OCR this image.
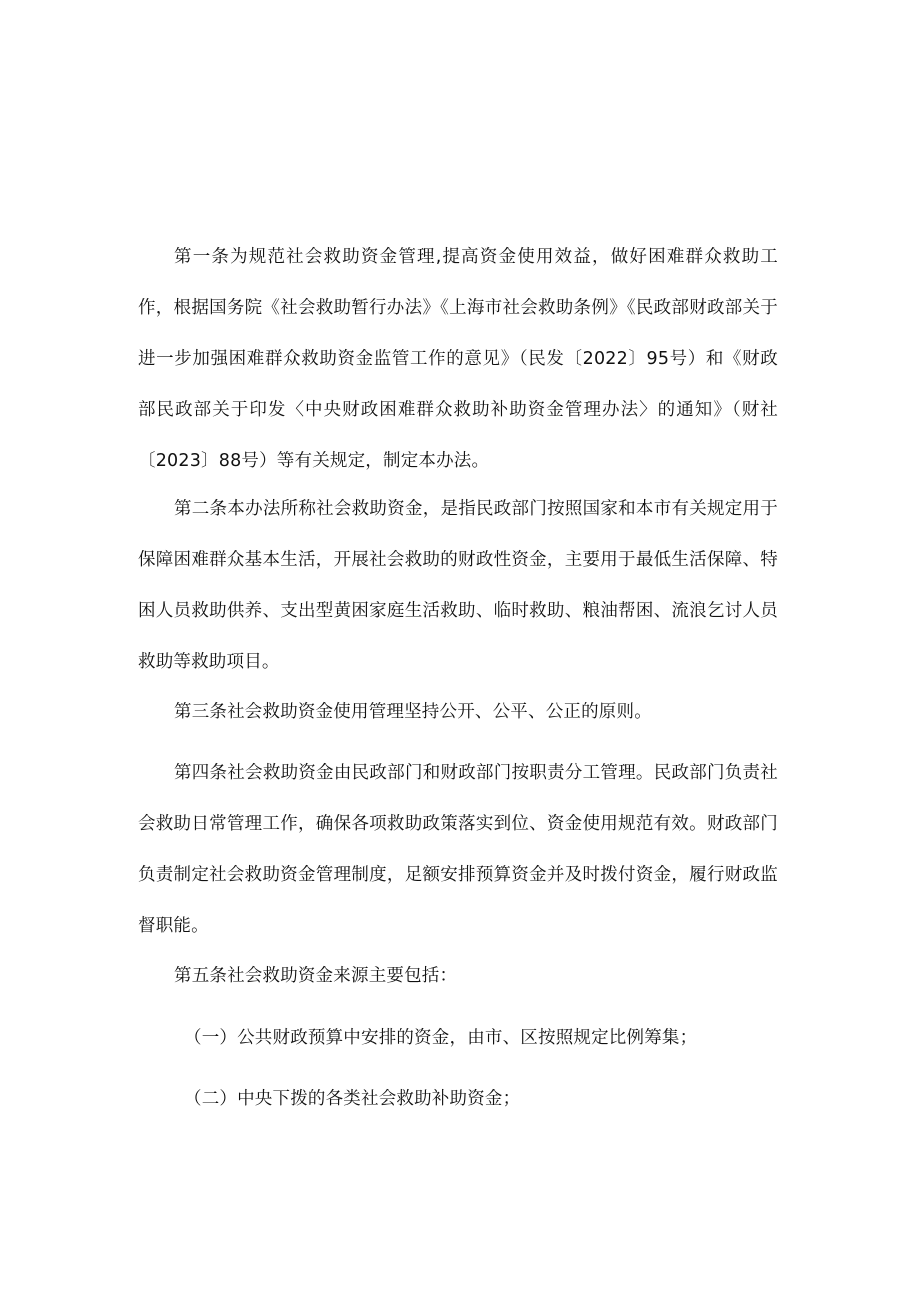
第一条为规范社会救助资金管理,提高资金使用效益，做好困难群众救助工作，根据国务院《社会救助暂行办法》《上海市社会救助条例》《民政部财政部关于进一步加强困难群众救助资金监管工作的意见》（民发〔2022〕95号）和《财政部民政部关于印发〈中央财政困难群众救助补助资金管理办法〉的通知》（财社〔2023〕88号）等有关规定，制定本办法。

第二条本办法所称社会救助资金，是指民政部门按照国家和本市有关规定用于保障困难群众基本生活，开展社会救助的财政性资金，主要用于最低生活保障、特困人员救助供养、支出型黄困家庭生活救助、临时救助、粮油帮困、流浪乞讨人员救助等救助项目。

第三条社会救助资金使用管理坚持公开、公平、公正的原则。

第四条社会救助资金由民政部门和财政部门按职责分工管理。民政部门负责社会救助日常管理工作，确保各项救助政策落实到位、资金使用规范有效。财政部门负责制定社会救助资金管理制度，足额安排预算资金并及时拨付资金，履行财政监督职能。

第五条社会救助资金来源主要包括：

（一）公共财政预算中安排的资金，由市、区按照规定比例筹集；

（二）中央下拨的各类社会救助补助资金；
